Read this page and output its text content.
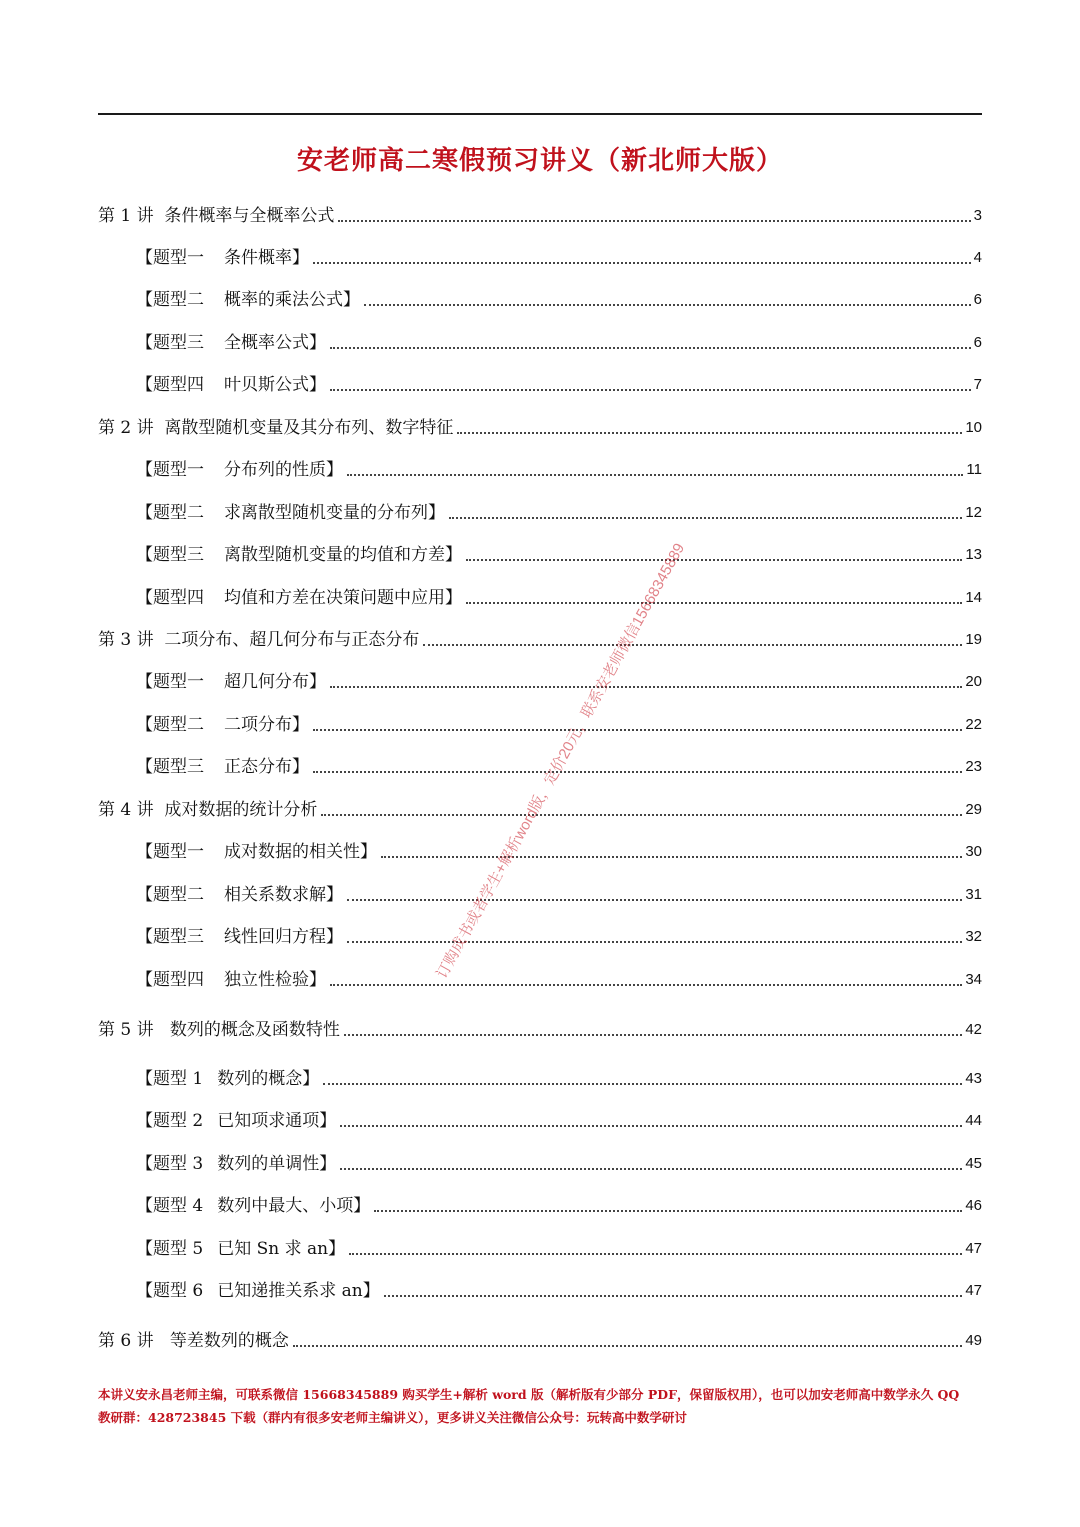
安老师高二寒假预习讲义（新北师大版）
第 1 讲  条件概率与全概率公式	3
【题型一 条件概率】	4
【题型二 概率的乘法公式】	6
【题型三 全概率公式】	6
【题型四 叶贝斯公式】	7
第 2 讲  离散型随机变量及其分布列、数字特征	10
【题型一 分布列的性质】	11
【题型二 求离散型随机变量的分布列】	12
【题型三 离散型随机变量的均值和方差】	13
【题型四 均值和方差在决策问题中应用】	14
第 3 讲  二项分布、超几何分布与正态分布	19
【题型一 超几何分布】	20
【题型二 二项分布】	22
【题型三 正态分布】	23
第 4 讲  成对数据的统计分析	29
【题型一 成对数据的相关性】	30
【题型二 相关系数求解】	31
【题型三 线性回归方程】	32
【题型四 独立性检验】	34
第 5 讲   数列的概念及函数特性	42
【题型 1 数列的概念】	43
【题型 2 已知项求通项】	44
【题型 3 数列的单调性】	45
【题型 4 数列中最大、小项】	46
【题型 5 已知 Sn 求 an】	47
【题型 6 已知递推关系求 an】	47
第 6 讲   等差数列的概念	49
订购成书或者学生+解析word版，定价20元，联系安老师微信15668345889
本讲义安永昌老师主编，可联系微信 15668345889 购买学生+解析 word 版（解析版有少部分 PDF，保留版权用），也可以加安老师高中数学永久 QQ
教研群：428723845 下载（群内有很多安老师主编讲义），更多讲义关注微信公众号：玩转高中数学研讨
